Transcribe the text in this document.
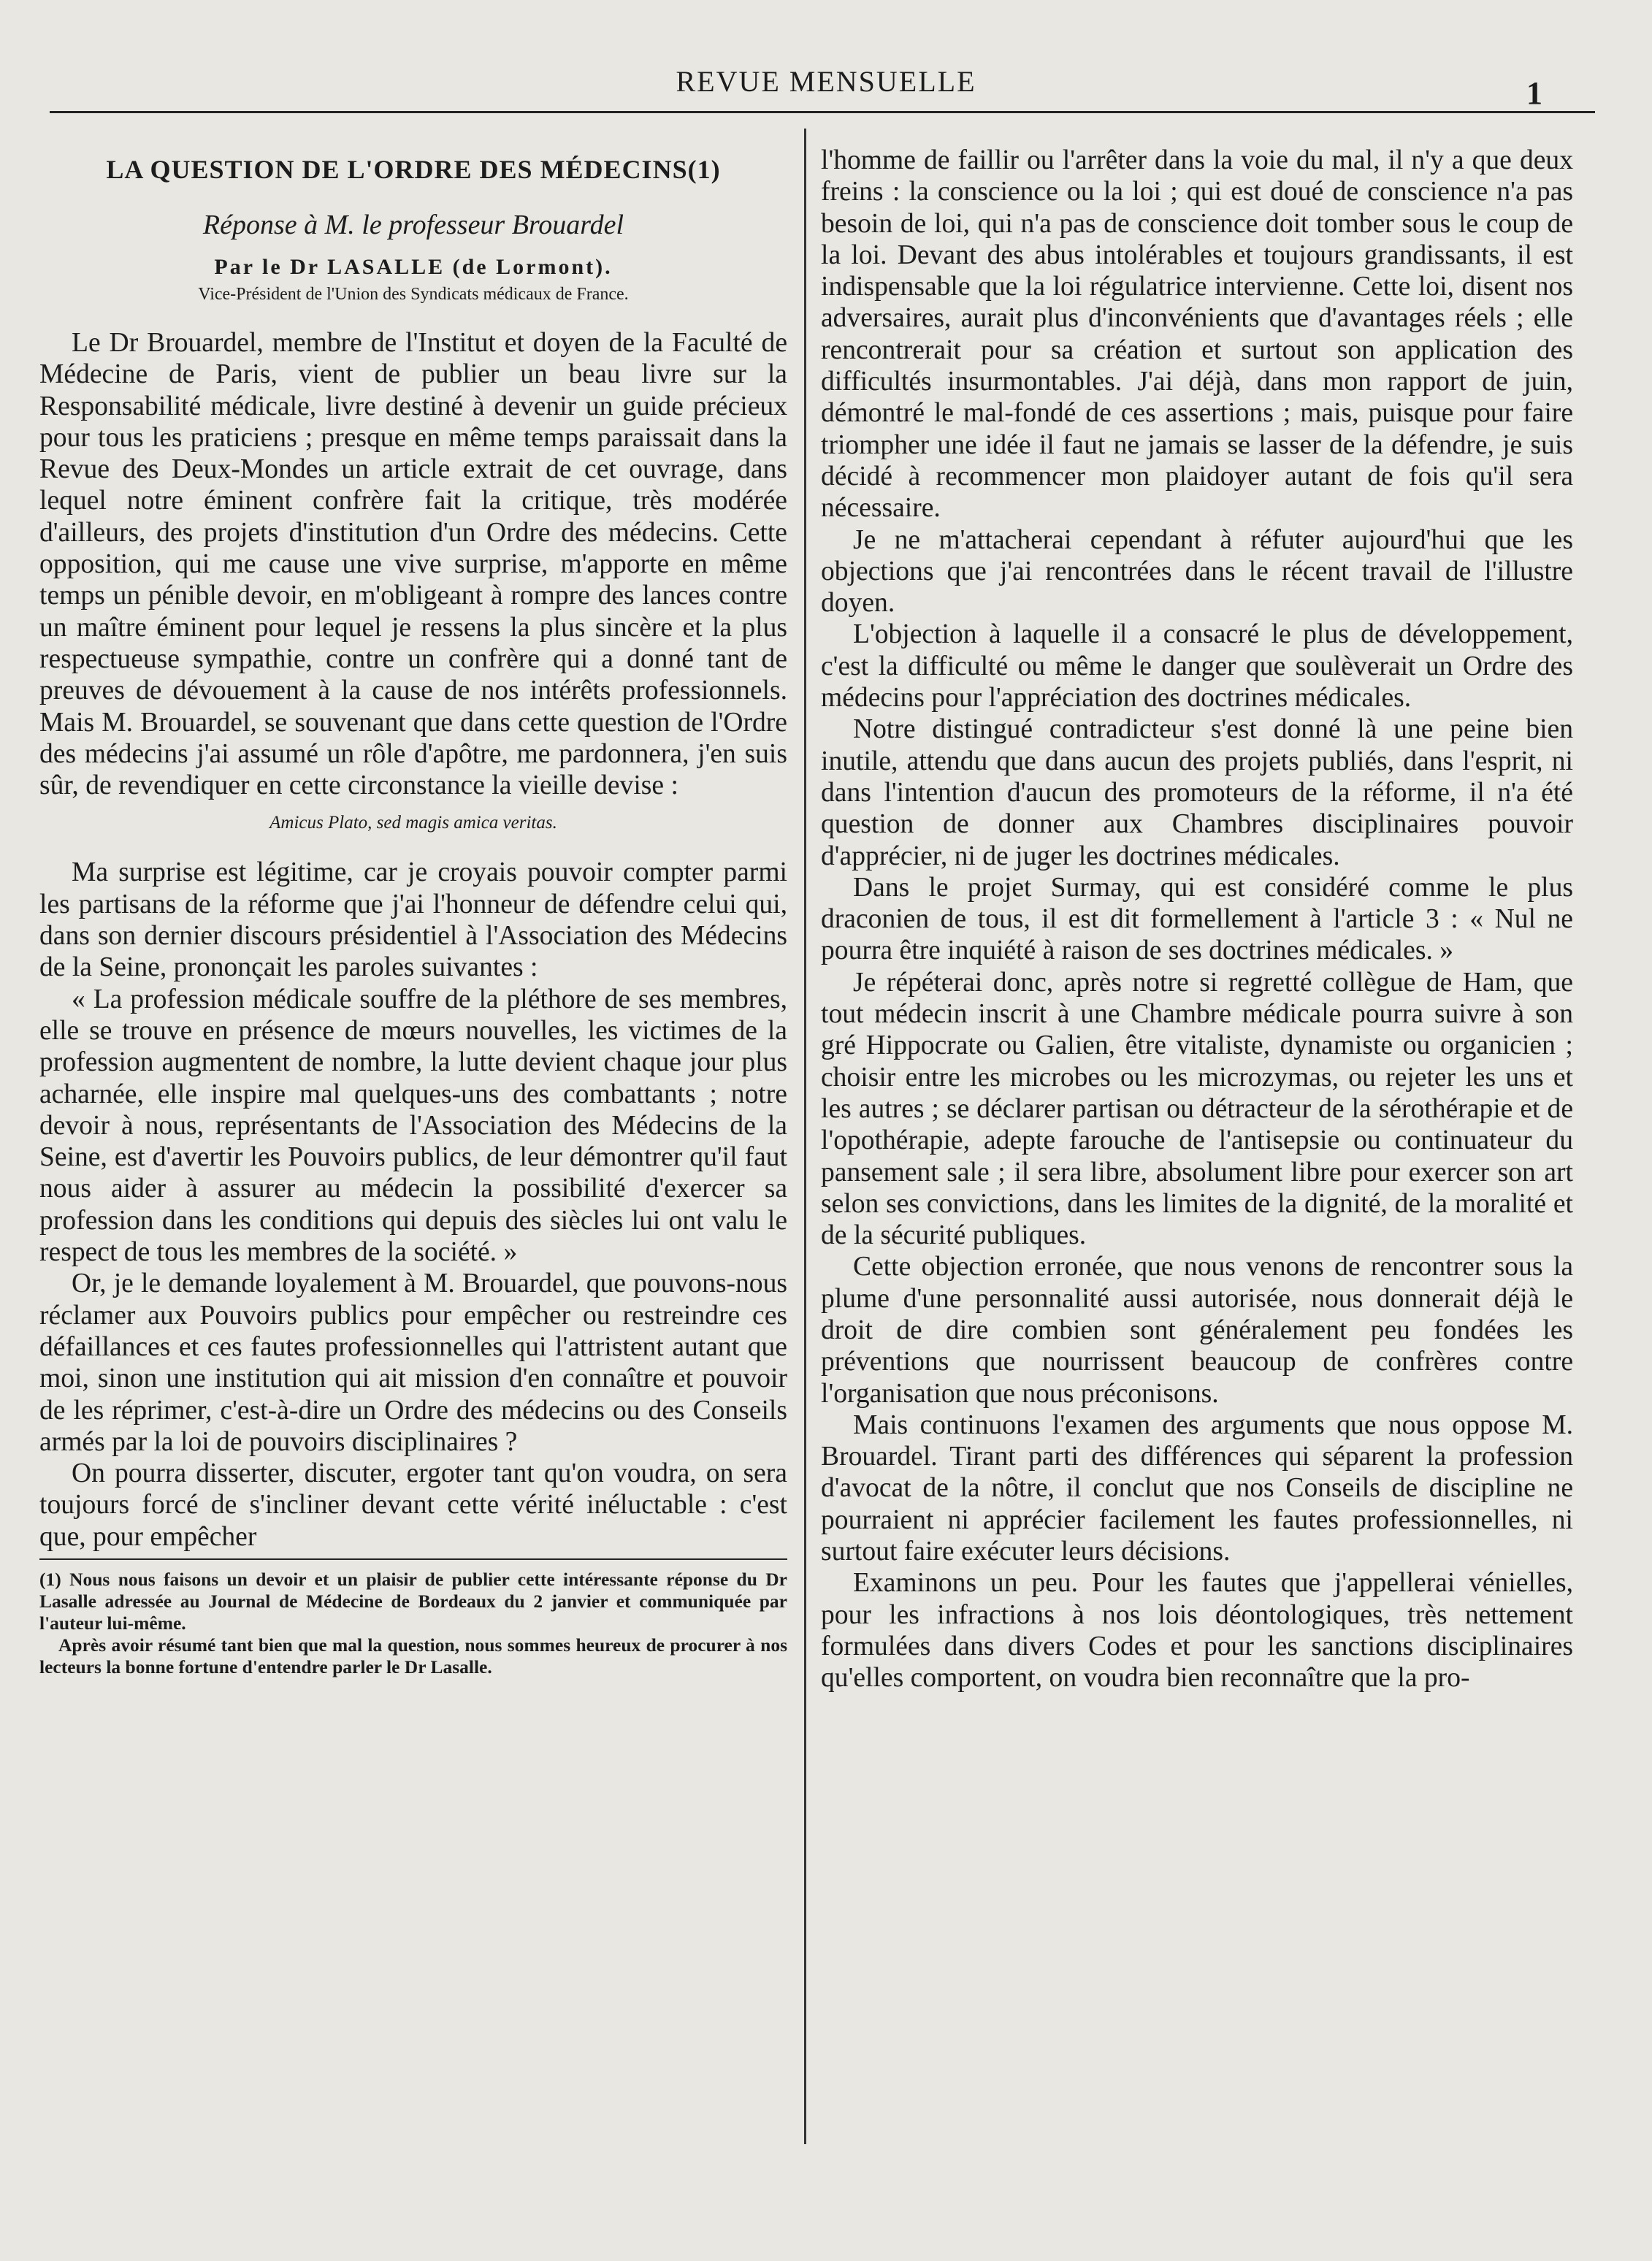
REVUE MENSUELLE	1
LA QUESTION DE L'ORDRE DES MÉDECINS(1)
Réponse à M. le professeur Brouardel
Par le Dr LASALLE (de Lormont).
Vice-Président de l'Union des Syndicats médicaux de France.

Le Dr Brouardel, membre de l'Institut et doyen de la Faculté de Médecine de Paris, vient de publier un beau livre sur la Responsabilité médicale, livre destiné à devenir un guide précieux pour tous les praticiens ; presque en même temps paraissait dans la Revue des Deux-Mondes un article extrait de cet ouvrage, dans lequel notre éminent confrère fait la critique, très modérée d'ailleurs, des projets d'institution d'un Ordre des médecins. Cette opposition, qui me cause une vive surprise, m'apporte en même temps un pénible devoir, en m'obligeant à rompre des lances contre un maître éminent pour lequel je ressens la plus sincère et la plus respectueuse sympathie, contre un confrère qui a donné tant de preuves de dévouement à la cause de nos intérêts professionnels. Mais M. Brouardel, se souvenant que dans cette question de l'Ordre des médecins j'ai assumé un rôle d'apôtre, me pardonnera, j'en suis sûr, de revendiquer en cette circonstance la vieille devise :

Amicus Plato, sed magis amica veritas.

Ma surprise est légitime, car je croyais pouvoir compter parmi les partisans de la réforme que j'ai l'honneur de défendre celui qui, dans son dernier discours présidentiel à l'Association des Médecins de la Seine, prononçait les paroles suivantes :

« La profession médicale souffre de la pléthore de ses membres, elle se trouve en présence de mœurs nouvelles, les victimes de la profession augmentent de nombre, la lutte devient chaque jour plus acharnée, elle inspire mal quelques-uns des combattants ; notre devoir à nous, représentants de l'Association des Médecins de la Seine, est d'avertir les Pouvoirs publics, de leur démontrer qu'il faut nous aider à assurer au médecin la possibilité d'exercer sa profession dans les conditions qui depuis des siècles lui ont valu le respect de tous les membres de la société. »

Or, je le demande loyalement à M. Brouardel, que pouvons-nous réclamer aux Pouvoirs publics pour empêcher ou restreindre ces défaillances et ces fautes professionnelles qui l'attristent autant que moi, sinon une institution qui ait mission d'en connaître et pouvoir de les réprimer, c'est-à-dire un Ordre des médecins ou des Conseils armés par la loi de pouvoirs disciplinaires ?

On pourra disserter, discuter, ergoter tant qu'on voudra, on sera toujours forcé de s'incliner devant cette vérité inéluctable : c'est que, pour empêcher

(1) Nous nous faisons un devoir et un plaisir de publier cette intéressante réponse du Dr Lasalle adressée au Journal de Médecine de Bordeaux du 2 janvier et communiquée par l'auteur lui-même.

Après avoir résumé tant bien que mal la question, nous sommes heureux de procurer à nos lecteurs la bonne fortune d'entendre parler le Dr Lasalle.

l'homme de faillir ou l'arrêter dans la voie du mal, il n'y a que deux freins : la conscience ou la loi ; qui est doué de conscience n'a pas besoin de loi, qui n'a pas de conscience doit tomber sous le coup de la loi. Devant des abus intolérables et toujours grandissants, il est indispensable que la loi régulatrice intervienne. Cette loi, disent nos adversaires, aurait plus d'inconvénients que d'avantages réels ; elle rencontrerait pour sa création et surtout son application des difficultés insurmontables. J'ai déjà, dans mon rapport de juin, démontré le mal-fondé de ces assertions ; mais, puisque pour faire triompher une idée il faut ne jamais se lasser de la défendre, je suis décidé à recommencer mon plaidoyer autant de fois qu'il sera nécessaire.

Je ne m'attacherai cependant à réfuter aujourd'hui que les objections que j'ai rencontrées dans le récent travail de l'illustre doyen.

L'objection à laquelle il a consacré le plus de développement, c'est la difficulté ou même le danger que soulèverait un Ordre des médecins pour l'appréciation des doctrines médicales.

Notre distingué contradicteur s'est donné là une peine bien inutile, attendu que dans aucun des projets publiés, dans l'esprit, ni dans l'intention d'aucun des promoteurs de la réforme, il n'a été question de donner aux Chambres disciplinaires pouvoir d'apprécier, ni de juger les doctrines médicales.

Dans le projet Surmay, qui est considéré comme le plus draconien de tous, il est dit formellement à l'article 3 : « Nul ne pourra être inquiété à raison de ses doctrines médicales. »

Je répéterai donc, après notre si regretté collègue de Ham, que tout médecin inscrit à une Chambre médicale pourra suivre à son gré Hippocrate ou Galien, être vitaliste, dynamiste ou organicien ; choisir entre les microbes ou les microzymas, ou rejeter les uns et les autres ; se déclarer partisan ou détracteur de la sérothérapie et de l'opothérapie, adepte farouche de l'antisepsie ou continuateur du pansement sale ; il sera libre, absolument libre pour exercer son art selon ses convictions, dans les limites de la dignité, de la moralité et de la sécurité publiques.

Cette objection erronée, que nous venons de rencontrer sous la plume d'une personnalité aussi autorisée, nous donnerait déjà le droit de dire combien sont généralement peu fondées les préventions que nourrissent beaucoup de confrères contre l'organisation que nous préconisons.

Mais continuons l'examen des arguments que nous oppose M. Brouardel. Tirant parti des différences qui séparent la profession d'avocat de la nôtre, il conclut que nos Conseils de discipline ne pourraient ni apprécier facilement les fautes professionnelles, ni surtout faire exécuter leurs décisions.

Examinons un peu. Pour les fautes que j'appellerai vénielles, pour les infractions à nos lois déontologiques, très nettement formulées dans divers Codes et pour les sanctions disciplinaires qu'elles comportent, on voudra bien reconnaître que la pro-
